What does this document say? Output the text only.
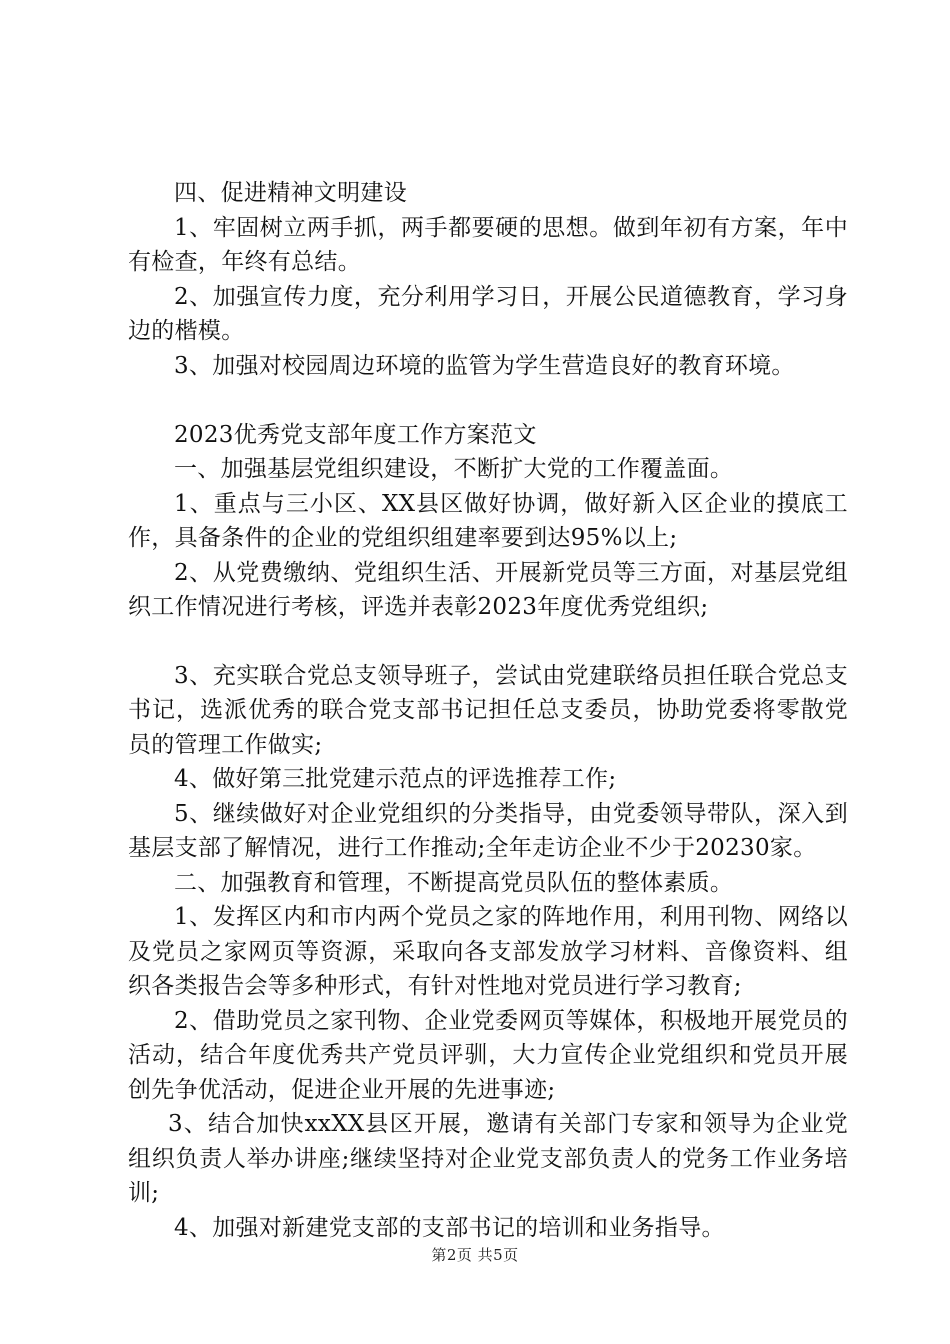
四、促进精神文明建设

1、牢固树立两手抓，两手都要硬的思想。做到年初有方案，年中有检查，年终有总结。

2、加强宣传力度，充分利用学习日，开展公民道德教育，学习身边的楷模。

3、加强对校园周边环境的监管为学生营造良好的教育环境。

2023优秀党支部年度工作方案范文

一、加强基层党组织建设，不断扩大党的工作覆盖面。

1、重点与三小区、XX县区做好协调，做好新入区企业的摸底工作，具备条件的企业的党组织组建率要到达95%以上;

2、从党费缴纳、党组织生活、开展新党员等三方面，对基层党组织工作情况进行考核，评选并表彰2023年度优秀党组织;

3、充实联合党总支领导班子，尝试由党建联络员担任联合党总支书记，选派优秀的联合党支部书记担任总支委员，协助党委将零散党员的管理工作做实;

4、做好第三批党建示范点的评选推荐工作;

5、继续做好对企业党组织的分类指导，由党委领导带队，深入到基层支部了解情况，进行工作推动;全年走访企业不少于20230家。

二、加强教育和管理，不断提高党员队伍的整体素质。

1、发挥区内和市内两个党员之家的阵地作用，利用刊物、网络以及党员之家网页等资源，采取向各支部发放学习材料、音像资料、组织各类报告会等多种形式，有针对性地对党员进行学习教育;

2、借助党员之家刊物、企业党委网页等媒体，积极地开展党员的活动，结合年度优秀共产党员评驯，大力宣传企业党组织和党员开展创先争优活动，促进企业开展的先进事迹;

3、结合加快xxXX县区开展，邀请有关部门专家和领导为企业党组织负责人举办讲座;继续坚持对企业党支部负责人的党务工作业务培训;

4、加强对新建党支部的支部书记的培训和业务指导。

第2页 共5页
